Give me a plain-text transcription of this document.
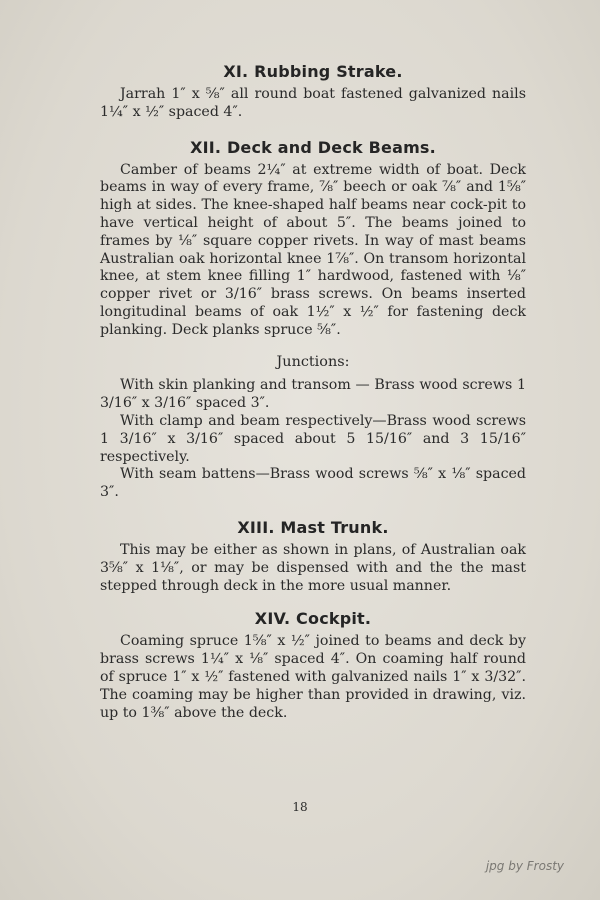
XI. Rubbing Strake.

Jarrah 1″ x ⅝″ all round boat fastened galvanized nails 1¼″ x ½″ spaced 4″.

XII. Deck and Deck Beams.

Camber of beams 2¼″ at extreme width of boat. Deck beams in way of every frame, ⅞″ beech or oak ⅞″ and 1⅝″ high at sides. The knee-shaped half beams near cock-pit to have vertical height of about 5″. The beams joined to frames by ⅛″ square copper rivets. In way of mast beams Australian oak horizontal knee 1⅞″. On transom horizontal knee, at stem knee filling 1″ hardwood, fastened with ⅛″ copper rivet or 3/16″ brass screws. On beams inserted longitudinal beams of oak 1½″ x ½″ for fastening deck planking. Deck planks spruce ⅝″.

Junctions:

With skin planking and transom — Brass wood screws 1 3/16″ x 3/16″ spaced 3″.

With clamp and beam respectively—Brass wood screws 1 3/16″ x 3/16″ spaced about 5 15/16″ and 3 15/16″ respectively.

With seam battens—Brass wood screws ⅝″ x ⅛″ spaced 3″.

XIII. Mast Trunk.

This may be either as shown in plans, of Australian oak 3⅝″ x 1⅛″, or may be dispensed with and the the mast stepped through deck in the more usual manner.

XIV. Cockpit.

Coaming spruce 1⅝″ x ½″ joined to beams and deck by brass screws 1¼″ x ⅛″ spaced 4″. On coaming half round of spruce 1″ x ½″ fastened with galvanized nails 1″ x 3/32″. The coaming may be higher than provided in drawing, viz. up to 1⅜″ above the deck.

18
jpg by Frosty
